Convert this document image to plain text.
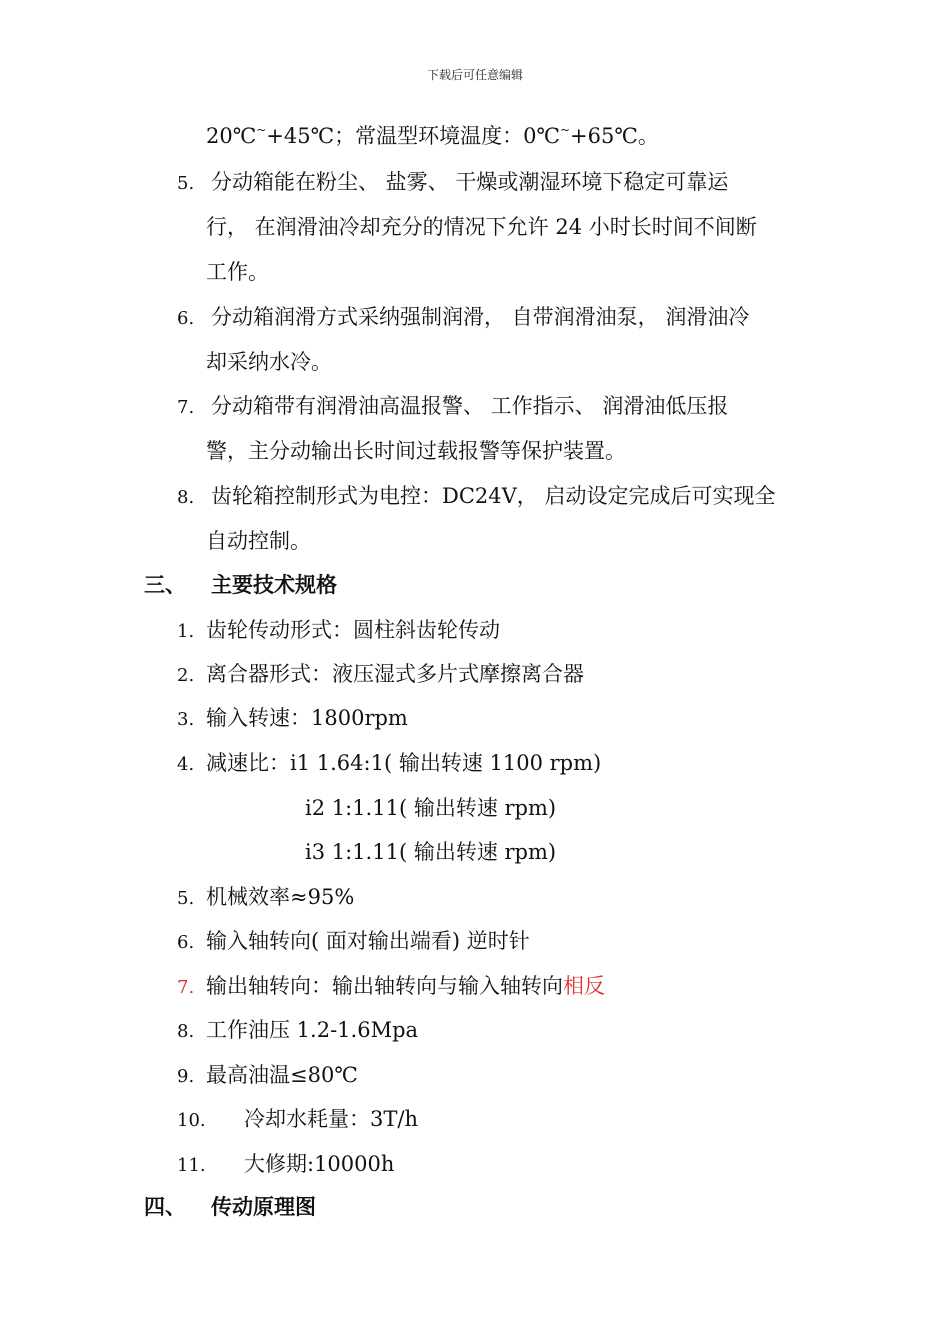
下载后可任意编辑
20℃~+45℃；常温型环境温度：0℃~+65℃。
5. 分动箱能在粉尘、 盐雾、 干燥或潮湿环境下稳定可靠运
行， 在润滑油冷却充分的情况下允许 24 小时长时间不间断
工作。
6. 分动箱润滑方式采纳强制润滑， 自带润滑油泵， 润滑油冷
却采纳水冷。
7. 分动箱带有润滑油高温报警、 工作指示、 润滑油低压报
警，主分动输出长时间过载报警等保护装置。
8. 齿轮箱控制形式为电控：DC24V， 启动设定完成后可实现全
自动控制。
三、 主要技术规格
1. 齿轮传动形式：圆柱斜齿轮传动
2. 离合器形式：液压湿式多片式摩擦离合器
3. 输入转速：1800rpm
4. 减速比：i1 1.64:1( 输出转速 1100 rpm)
i2 1:1.11( 输出转速 rpm)
i3 1:1.11( 输出转速 rpm)
5. 机械效率≈95%
6. 输入轴转向( 面对输出端看) 逆时针
7. 输出轴转向：输出轴转向与输入轴转向相反
8. 工作油压 1.2-1.6Mpa
9. 最高油温≤80℃
10. 冷却水耗量：3T/h
11. 大修期:10000h
四、 传动原理图
